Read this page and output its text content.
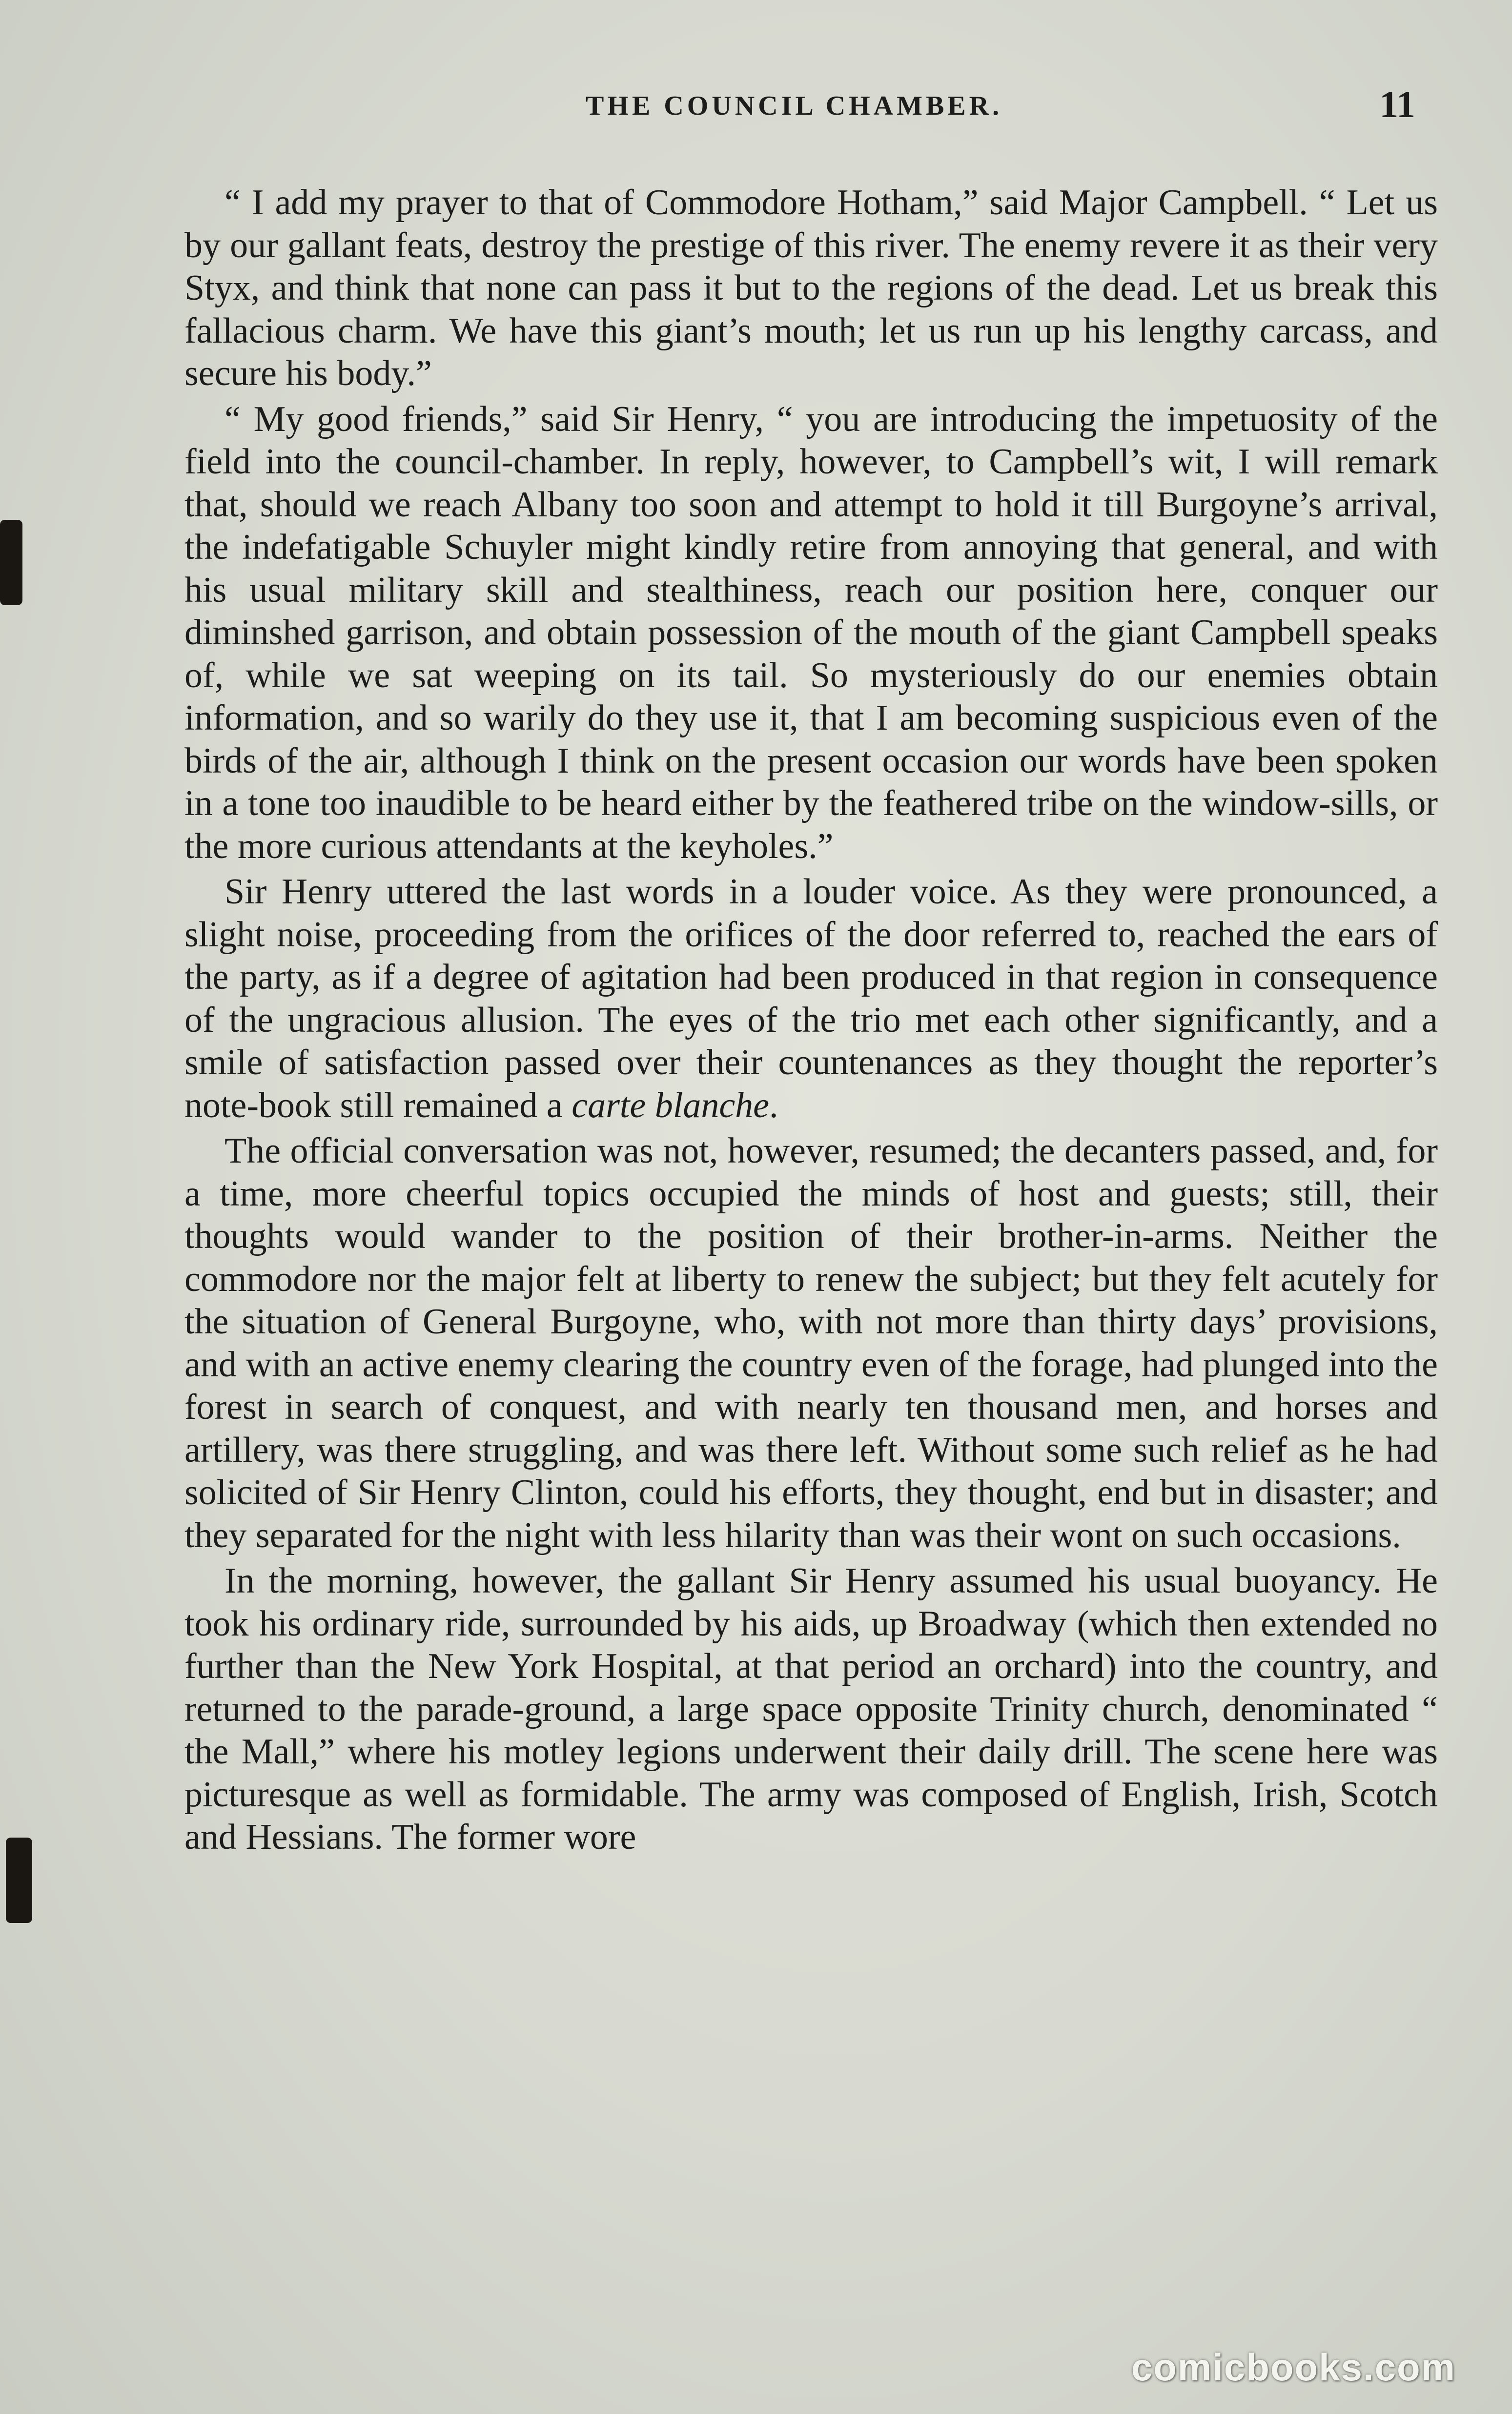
THE COUNCIL CHAMBER.	11

“ I add my prayer to that of Commodore Hotham,” said Major Campbell. “ Let us by our gallant feats, destroy the prestige of this river. The enemy revere it as their very Styx, and think that none can pass it but to the regions of the dead. Let us break this fallacious charm. We have this giant’s mouth; let us run up his lengthy carcass, and secure his body.”

“ My good friends,” said Sir Henry, “ you are introducing the impetuosity of the field into the council-chamber. In reply, however, to Campbell’s wit, I will remark that, should we reach Albany too soon and attempt to hold it till Burgoyne’s arrival, the indefatigable Schuyler might kindly retire from annoying that general, and with his usual military skill and stealthiness, reach our position here, conquer our diminshed garrison, and obtain possession of the mouth of the giant Campbell speaks of, while we sat weeping on its tail. So mysteriously do our enemies obtain information, and so warily do they use it, that I am becoming suspicious even of the birds of the air, although I think on the present occasion our words have been spoken in a tone too inaudible to be heard either by the feathered tribe on the window-sills, or the more curious attendants at the keyholes.”

Sir Henry uttered the last words in a louder voice. As they were pronounced, a slight noise, proceeding from the orifices of the door referred to, reached the ears of the party, as if a degree of agitation had been produced in that region in consequence of the ungracious allusion. The eyes of the trio met each other significantly, and a smile of satisfaction passed over their countenances as they thought the reporter’s note-book still remained a carte blanche.

The official conversation was not, however, resumed; the decanters passed, and, for a time, more cheerful topics occupied the minds of host and guests; still, their thoughts would wander to the position of their brother-in-arms. Neither the commodore nor the major felt at liberty to renew the subject; but they felt acutely for the situation of General Burgoyne, who, with not more than thirty days’ provisions, and with an active enemy clearing the country even of the forage, had plunged into the forest in search of conquest, and with nearly ten thousand men, and horses and artillery, was there struggling, and was there left. Without some such relief as he had solicited of Sir Henry Clinton, could his efforts, they thought, end but in disaster; and they separated for the night with less hilarity than was their wont on such occasions.

In the morning, however, the gallant Sir Henry assumed his usual buoyancy. He took his ordinary ride, surrounded by his aids, up Broadway (which then extended no further than the New York Hospital, at that period an orchard) into the country, and returned to the parade-ground, a large space opposite Trinity church, denominated “ the Mall,” where his motley legions underwent their daily drill. The scene here was picturesque as well as formidable. The army was composed of English, Irish, Scotch and Hessians. The former wore

comicbooks.com
